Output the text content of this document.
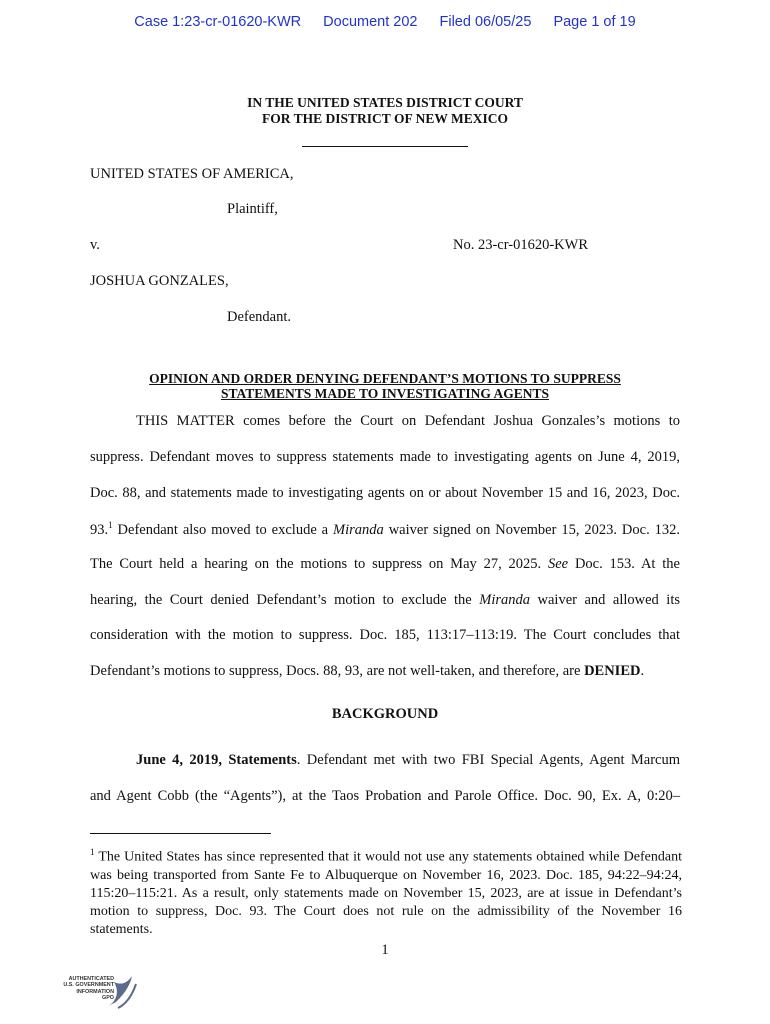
Case 1:23-cr-01620-KWR Document 202 Filed 06/05/25 Page 1 of 19
IN THE UNITED STATES DISTRICT COURT
FOR THE DISTRICT OF NEW MEXICO
UNITED STATES OF AMERICA,
Plaintiff,
v.	No. 23-cr-01620-KWR
JOSHUA GONZALES,
Defendant.
OPINION AND ORDER DENYING DEFENDANT’S MOTIONS TO SUPPRESS
STATEMENTS MADE TO INVESTIGATING AGENTS
THIS MATTER comes before the Court on Defendant Joshua Gonzales’s motions to
suppress. Defendant moves to suppress statements made to investigating agents on June 4, 2019,
Doc. 88, and statements made to investigating agents on or about November 15 and 16, 2023, Doc.
93.$^1$ Defendant also moved to exclude a Miranda waiver signed on November 15, 2023. Doc. 132.
The Court held a hearing on the motions to suppress on May 27, 2025. See Doc. 153. At the
hearing, the Court denied Defendant’s motion to exclude the Miranda waiver and allowed its
consideration with the motion to suppress. Doc. 185, 113:17–113:19. The Court concludes that
Defendant’s motions to suppress, Docs. 88, 93, are not well-taken, and therefore, are DENIED.
BACKGROUND
June 4, 2019, Statements. Defendant met with two FBI Special Agents, Agent Marcum
and Agent Cobb (the “Agents”), at the Taos Probation and Parole Office. Doc. 90, Ex. A, 0:20–
$^1$ The United States has since represented that it would not use any statements obtained while Defendant was being transported from Sante Fe to Albuquerque on November 16, 2023. Doc. 185, 94:22–94:24, 115:20–115:21. As a result, only statements made on November 15, 2023, are at issue in Defendant’s motion to suppress, Doc. 93. The Court does not rule on the admissibility of the November 16 statements.
1
AUTHENTICATED
U.S. GOVERNMENT
INFORMATION
GPO
